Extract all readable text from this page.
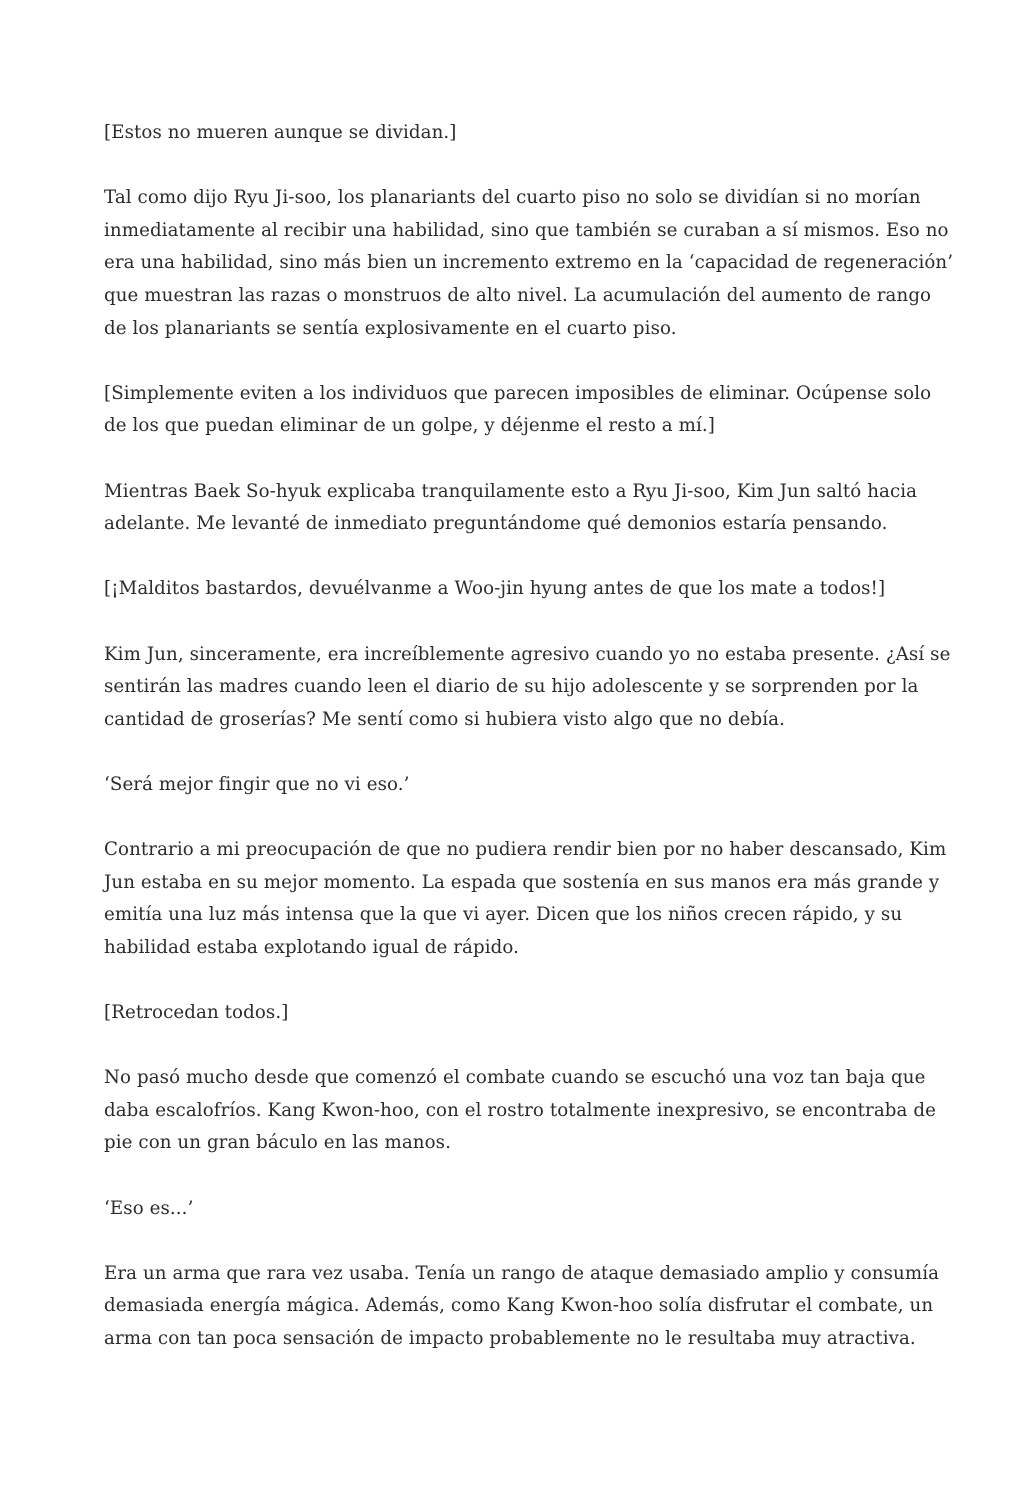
[Estos no mueren aunque se dividan.]

Tal como dijo Ryu Ji-soo, los planariants del cuarto piso no solo se dividían si no morían inmediatamente al recibir una habilidad, sino que también se curaban a sí mismos. Eso no era una habilidad, sino más bien un incremento extremo en la ‘capacidad de regeneración’ que muestran las razas o monstruos de alto nivel. La acumulación del aumento de rango de los planariants se sentía explosivamente en el cuarto piso.

[Simplemente eviten a los individuos que parecen imposibles de eliminar. Ocúpense solo de los que puedan eliminar de un golpe, y déjenme el resto a mí.]

Mientras Baek So-hyuk explicaba tranquilamente esto a Ryu Ji-soo, Kim Jun saltó hacia adelante. Me levanté de inmediato preguntándome qué demonios estaría pensando.

[¡Malditos bastardos, devuélvanme a Woo-jin hyung antes de que los mate a todos!]

Kim Jun, sinceramente, era increíblemente agresivo cuando yo no estaba presente. ¿Así se sentirán las madres cuando leen el diario de su hijo adolescente y se sorprenden por la cantidad de groserías? Me sentí como si hubiera visto algo que no debía.

‘Será mejor fingir que no vi eso.’

Contrario a mi preocupación de que no pudiera rendir bien por no haber descansado, Kim Jun estaba en su mejor momento. La espada que sostenía en sus manos era más grande y emitía una luz más intensa que la que vi ayer. Dicen que los niños crecen rápido, y su habilidad estaba explotando igual de rápido.

[Retrocedan todos.]

No pasó mucho desde que comenzó el combate cuando se escuchó una voz tan baja que daba escalofríos. Kang Kwon-hoo, con el rostro totalmente inexpresivo, se encontraba de pie con un gran báculo en las manos.

‘Eso es...’

Era un arma que rara vez usaba. Tenía un rango de ataque demasiado amplio y consumía demasiada energía mágica. Además, como Kang Kwon-hoo solía disfrutar el combate, un arma con tan poca sensación de impacto probablemente no le resultaba muy atractiva.
